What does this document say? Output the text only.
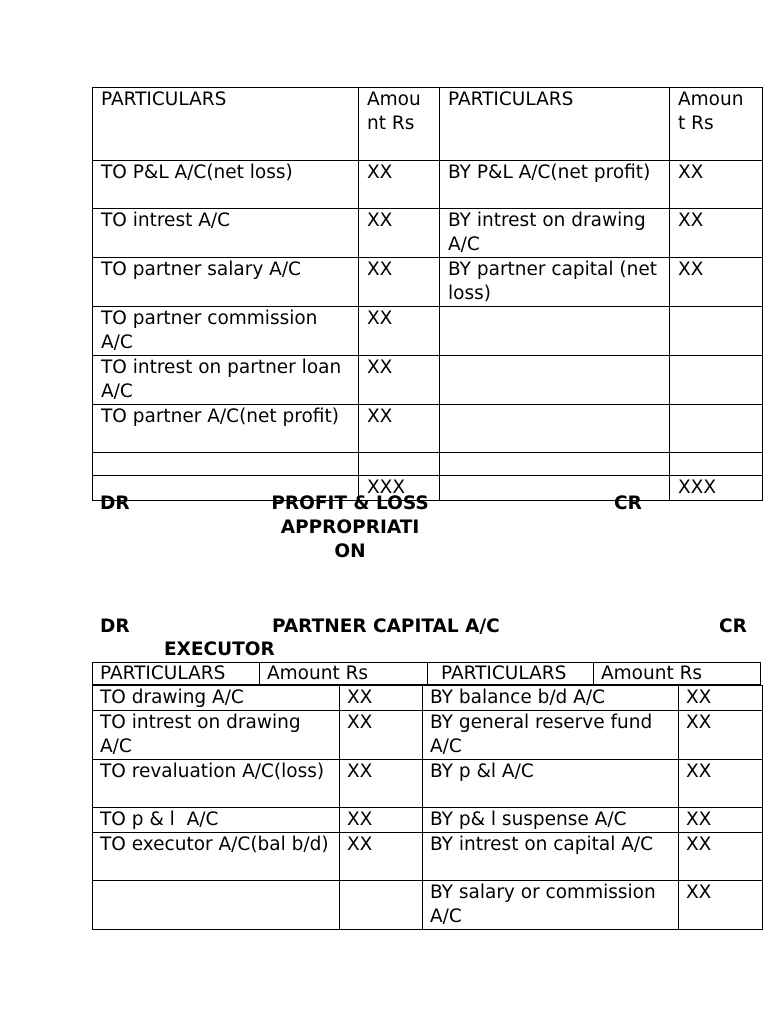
PARTICULARS	Amou nt Rs	PARTICULARS	Amoun t Rs
TO P&L A/C(net loss)	XX	BY P&L A/C(net profit)	XX
TO intrest A/C	XX	BY intrest on drawing A/C	XX
TO partner salary A/C	XX	BY partner capital (net loss)	XX
TO partner commission A/C	XX		
TO intrest on partner loan A/C	XX		
TO partner A/C(net profit)	XX		

	XXX		XXX
DR	PROFIT & LOSS APPROPRIATI ON
CR
DR	PARTNER CAPITAL A/C	CR
EXECUTOR
PARTICULARS Amount Rs	PARTICULARS Amount Rs
TO drawing A/C	XX	BY balance b/d A/C	XX
TO intrest on drawing A/C	XX	BY general reserve fund A/C	XX
TO revaluation A/C(loss)	XX	BY p &l A/C	XX
TO p & l  A/C	XX	BY p& l suspense A/C	XX
TO executor A/C(bal b/d)	XX	BY intrest on capital A/C	XX
		BY salary or commission A/C	XX
